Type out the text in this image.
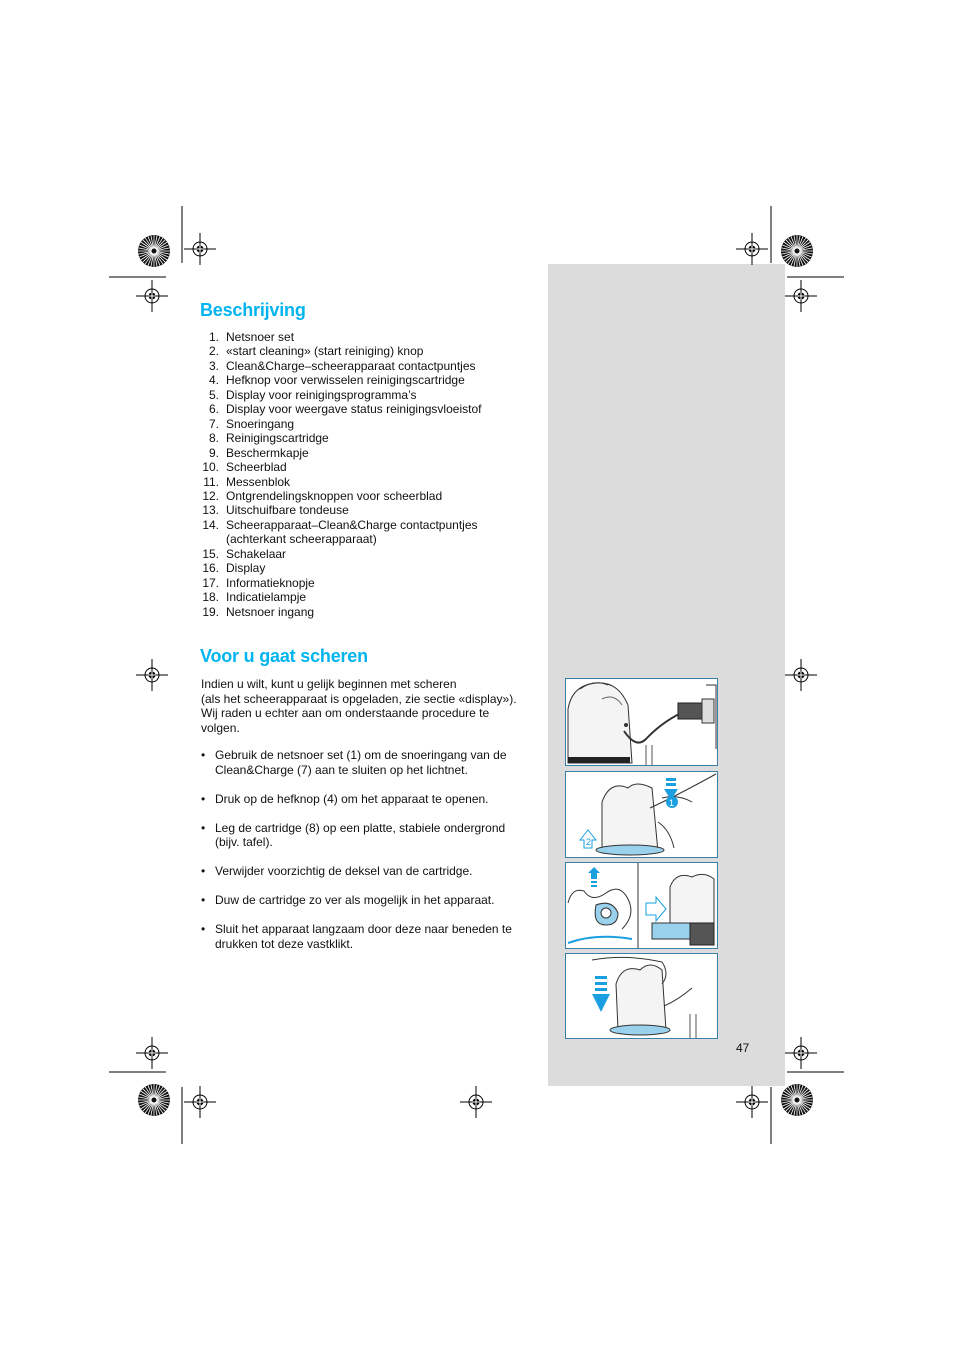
Beschrijving
1. Netsnoer set
2. «start cleaning» (start reiniging) knop
3. Clean&Charge–scheerapparaat contactpuntjes
4. Hefknop voor verwisselen reinigingscartridge
5. Display voor reinigingsprogramma’s
6. Display voor weergave status reinigingsvloeistof
7. Snoeringang
8. Reinigingscartridge
9. Beschermkapje
10. Scheerblad
11. Messenblok
12. Ontgrendelingsknoppen voor scheerblad
13. Uitschuifbare tondeuse
14. Scheerapparaat–Clean&Charge contactpuntjes
(achterkant scheerapparaat)
15. Schakelaar
16. Display
17. Informatieknopje
18. Indicatielampje
19. Netsnoer ingang
Voor u gaat scheren

Indien u wilt, kunt u gelijk beginnen met scheren
(als het scheerapparaat is opgeladen, zie sectie «display»).
Wij raden u echter aan om onderstaande procedure te
volgen.

• Gebruik de netsnoer set (1) om de snoeringang van de
Clean&Charge (7) aan te sluiten op het lichtnet.
• Druk op de hefknop (4) om het apparaat te openen.
• Leg de cartridge (8) op een platte, stabiele ondergrond
(bijv. tafel).
• Verwijder voorzichtig de deksel van de cartridge.
• Duw de cartridge zo ver als mogelijk in het apparaat.
• Sluit het apparaat langzaam door deze naar beneden te
drukken tot deze vastklikt.
1
2
47
